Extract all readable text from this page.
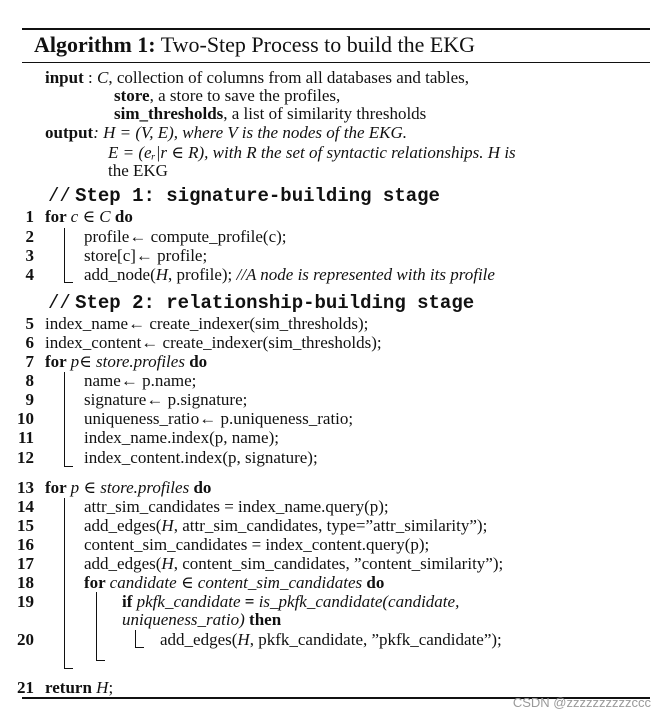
Algorithm 1: Two-Step Process to build the EKG
input : C, collection of columns from all databases and tables,
store, a store to save the profiles,
sim_thresholds, a list of similarity thresholds
output: H = (V, E), where V is the nodes of the EKG.
E = (eᵣ|r ∈ R), with R the set of syntactic relationships. H is
the EKG
// Step 1: signature-building stage
1 for c ∈ C do
2	profile← compute_profile(c);
3	store[c]← profile;
4	add_node(H, profile); //A node is represented with its profile
// Step 2: relationship-building stage
5 index_name← create_indexer(sim_thresholds);
6 index_content← create_indexer(sim_thresholds);
7 for p∈ store.profiles do
8	name← p.name;
9	signature← p.signature;
10	uniqueness_ratio← p.uniqueness_ratio;
11	index_name.index(p, name);
12	index_content.index(p, signature);
13 for p ∈ store.profiles do
14	attr_sim_candidates = index_name.query(p);
15	add_edges(H, attr_sim_candidates, type=”attr_similarity”);
16	content_sim_candidates = index_content.query(p);
17	add_edges(H, content_sim_candidates, ”content_similarity”);
18	for candidate ∈ content_sim_candidates do
19	if pkfk_candidate = is_pkfk_candidate(candidate,
uniqueness_ratio) then
20	add_edges(H, pkfk_candidate, ”pkfk_candidate”);
21 return H;
CSDN @zzzzzzzzzzccc
